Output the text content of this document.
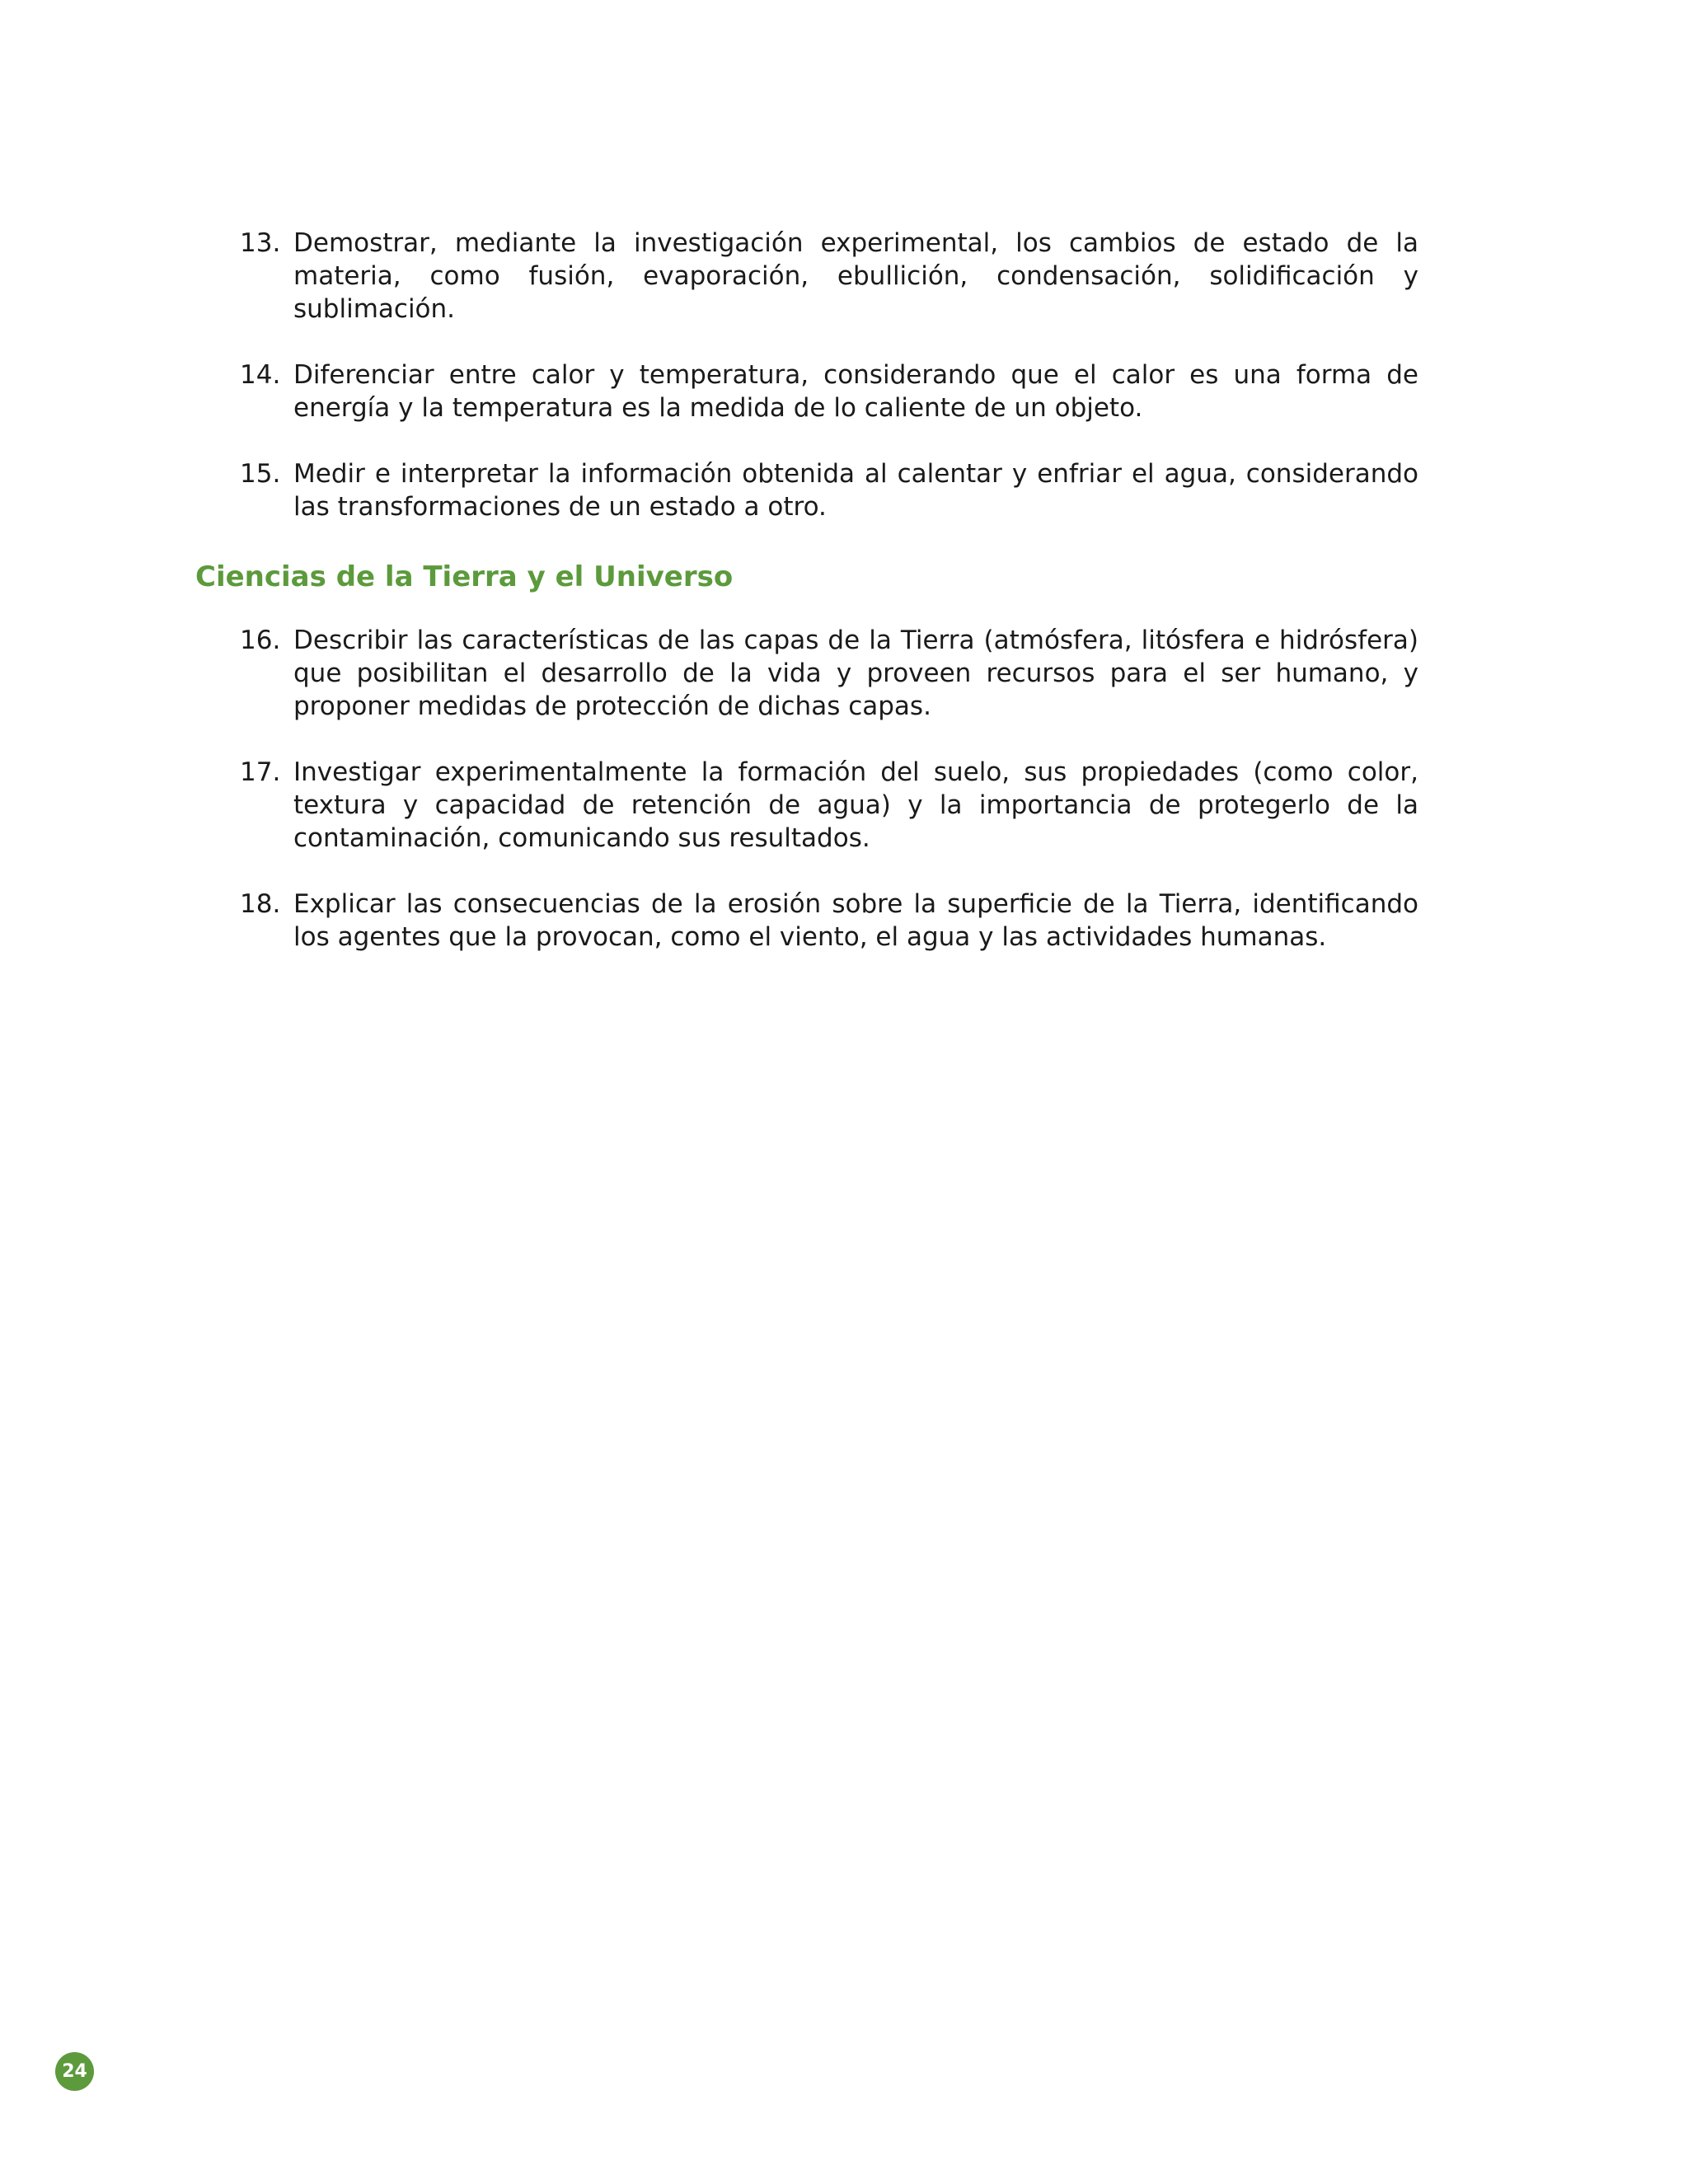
13. Demostrar, mediante la investigación experimental, los cambios de estado de la materia, como fusión, evaporación, ebullición, condensación, solidificación y sublimación.
14. Diferenciar entre calor y temperatura, considerando que el calor es una forma de energía y la temperatura es la medida de lo caliente de un objeto.
15. Medir e interpretar la información obtenida al calentar y enfriar el agua, considerando las transformaciones de un estado a otro.
Ciencias de la Tierra y el Universo
16. Describir las características de las capas de la Tierra (atmósfera, litósfera e hidrósfera) que posibilitan el desarrollo de la vida y proveen recursos para el ser humano, y proponer medidas de protección de dichas capas.
17. Investigar experimentalmente la formación del suelo, sus propiedades (como color, textura y capacidad de retención de agua) y la importancia de protegerlo de la contaminación, comunicando sus resultados.
18. Explicar las consecuencias de la erosión sobre la superficie de la Tierra, identificando los agentes que la provocan, como el viento, el agua y las actividades humanas.
24
